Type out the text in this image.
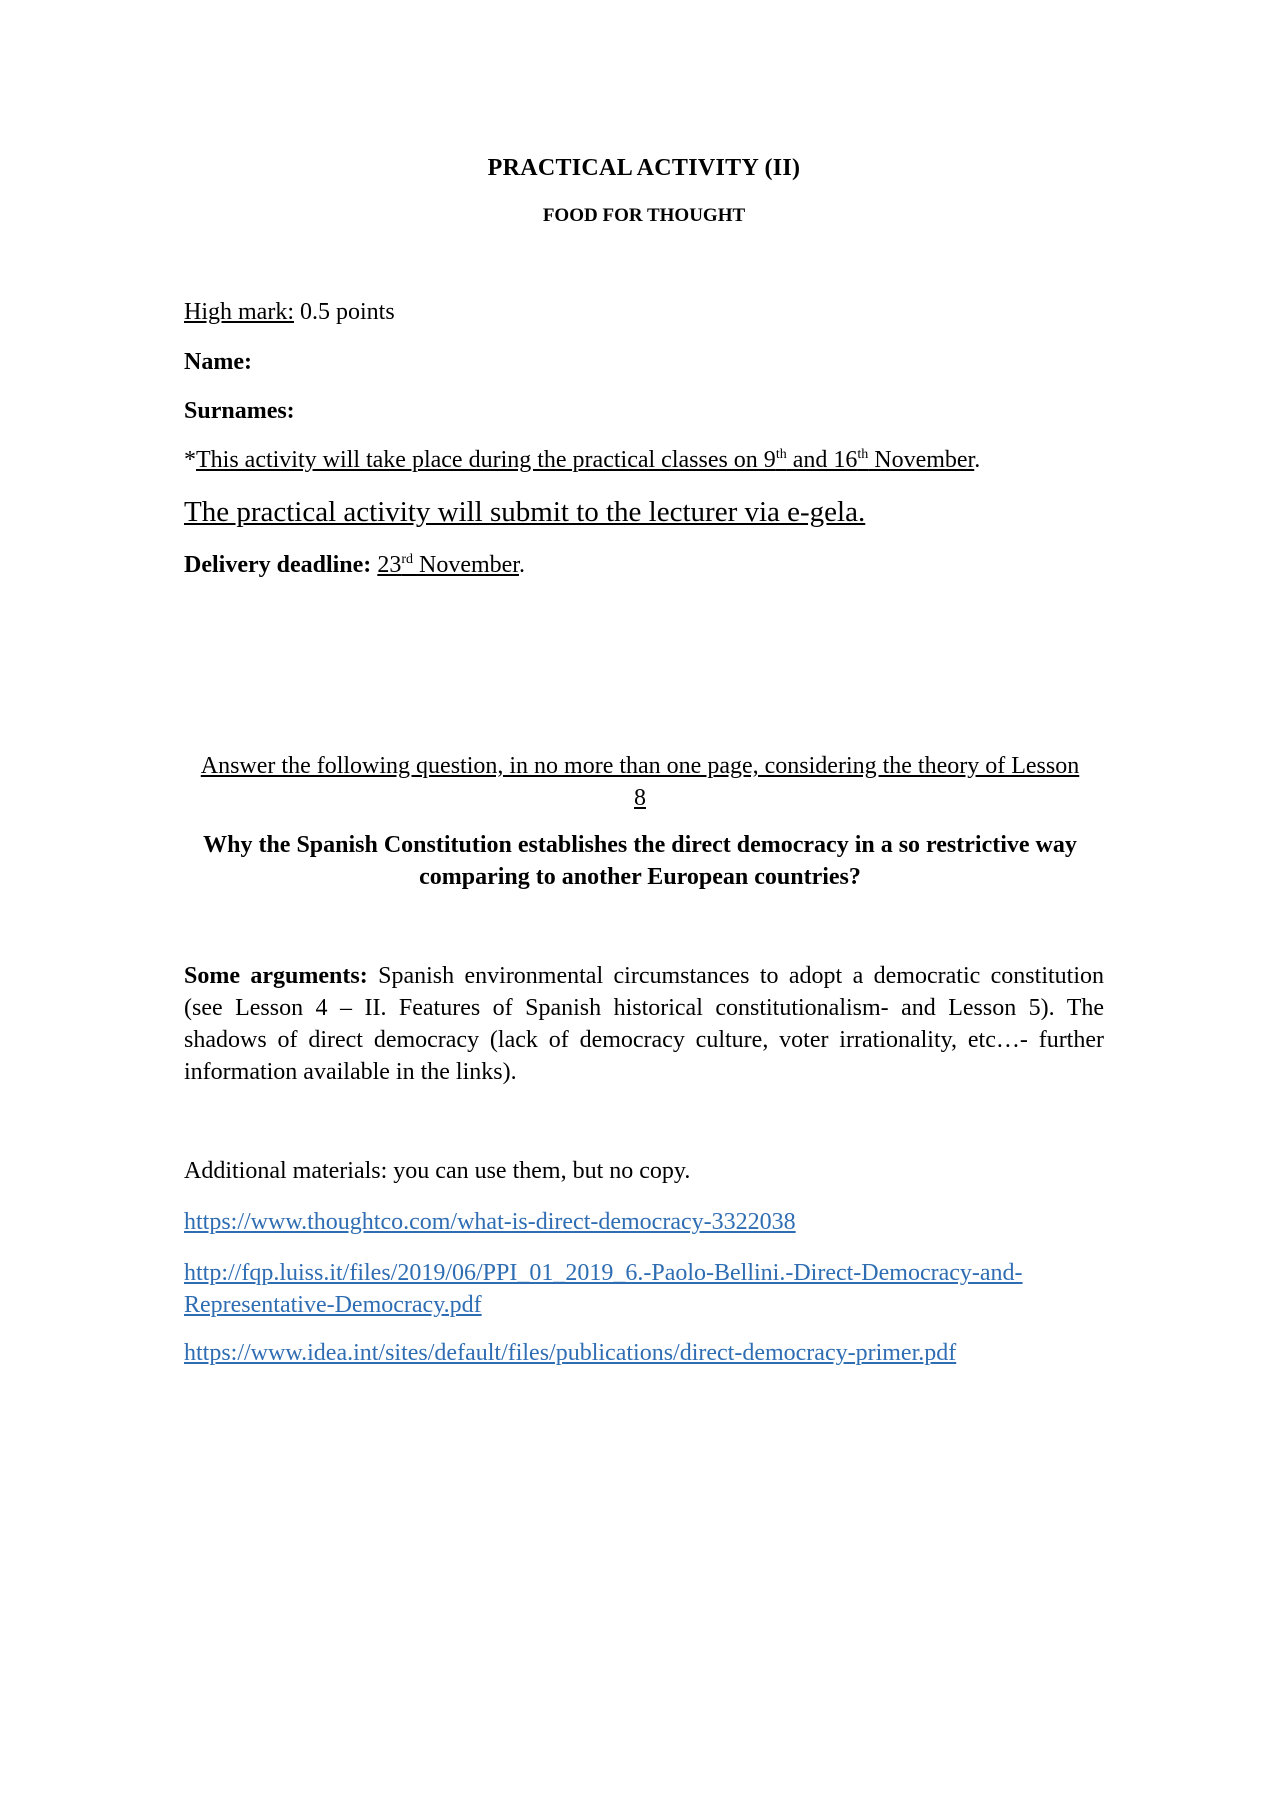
PRACTICAL ACTIVITY (II)
FOOD FOR THOUGHT
High mark: 0.5 points
Name:
Surnames:
*This activity will take place during the practical classes on 9th and 16th November.
The practical activity will submit to the lecturer via e-gela.
Delivery deadline: 23rd November.
Answer the following question, in no more than one page, considering the theory of Lesson 8
Why the Spanish Constitution establishes the direct democracy in a so restrictive way comparing to another European countries?
Some arguments: Spanish environmental circumstances to adopt a democratic constitution (see Lesson 4 – II. Features of Spanish historical constitutionalism- and Lesson 5). The shadows of direct democracy (lack of democracy culture, voter irrationality, etc…- further information available in the links).
Additional materials: you can use them, but no copy.
https://www.thoughtco.com/what-is-direct-democracy-3322038
http://fqp.luiss.it/files/2019/06/PPI_01_2019_6.-Paolo-Bellini.-Direct-Democracy-and-Representative-Democracy.pdf
https://www.idea.int/sites/default/files/publications/direct-democracy-primer.pdf
